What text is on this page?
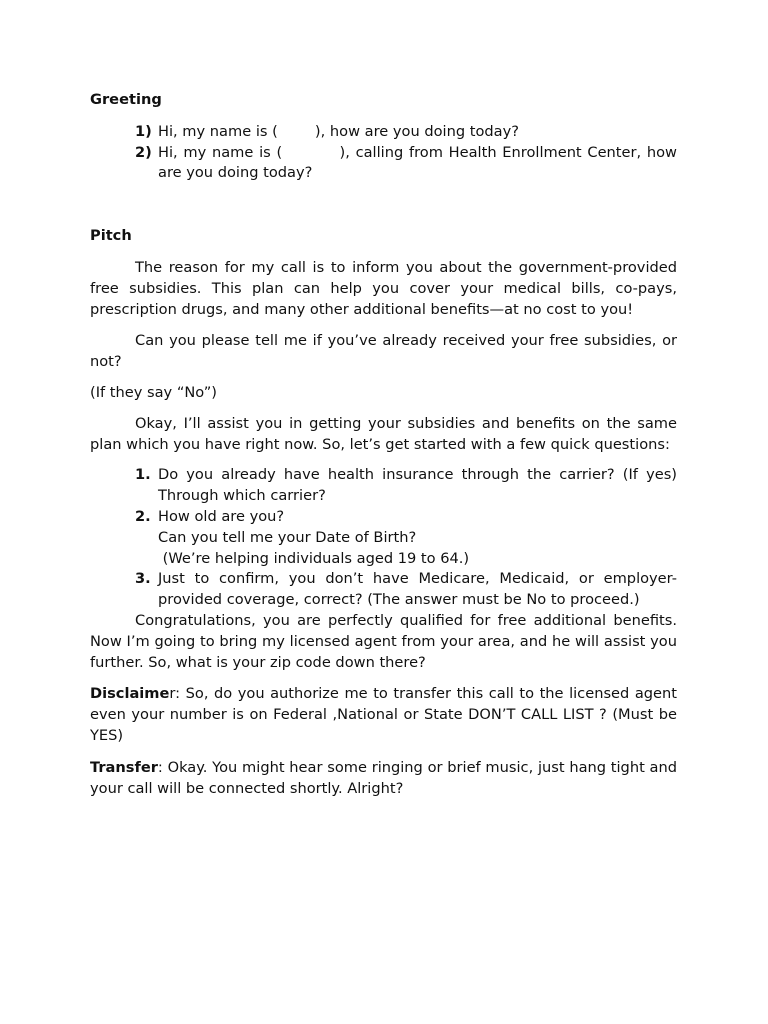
Greeting
1) Hi, my name is (        ), how are you doing today?
2) Hi, my name is (          ), calling from Health Enrollment Center, how are you doing today?
Pitch

The reason for my call is to inform you about the government-provided free subsidies. This plan can help you cover your medical bills, co-pays, prescription drugs, and many other additional benefits—at no cost to you!

Can you please tell me if you’ve already received your free subsidies, or not?

(If they say “No”)

Okay, I’ll assist you in getting your subsidies and benefits on the same plan which you have right now. So, let’s get started with a few quick questions:

1. Do you already have health insurance through the carrier? (If yes) Through which carrier?
2. How old are you?
Can you tell me your Date of Birth?
(We’re helping individuals aged 19 to 64.)
3. Just to confirm, you don’t have Medicare, Medicaid, or employer-provided coverage, correct? (The answer must be No to proceed.)

Congratulations, you are perfectly qualified for free additional benefits. Now I’m going to bring my licensed agent from your area, and he will assist you further. So, what is your zip code down there?

Disclaimer: So, do you authorize me to transfer this call to the licensed agent even your number is on Federal ,National or State DON’T CALL LIST ? (Must be YES)

Transfer: Okay. You might hear some ringing or brief music, just hang tight and your call will be connected shortly. Alright?
